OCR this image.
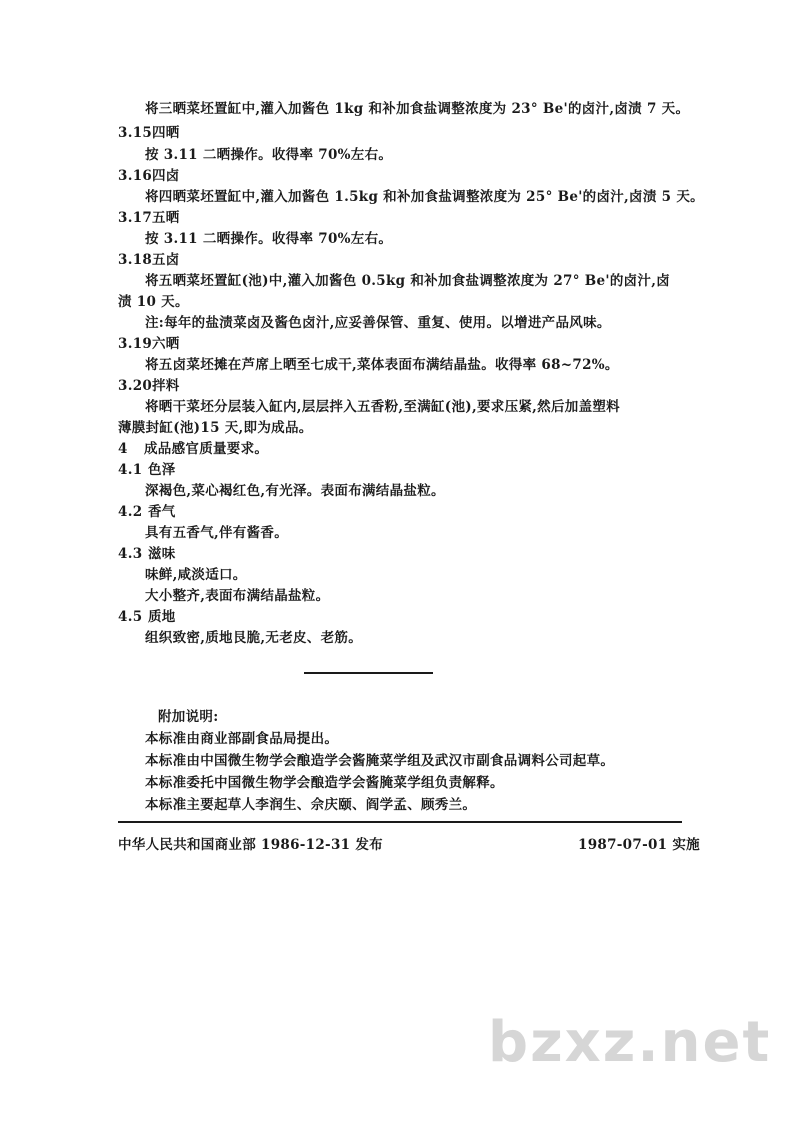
将三晒菜坯置缸中,灌入加酱色 1kg 和补加食盐调整浓度为 23° Be'的卤汁,卤渍 7 天。
3.15四晒
按 3.11 二晒操作。收得率 70%左右。
3.16四卤
将四晒菜坯置缸中,灌入加酱色 1.5kg 和补加食盐调整浓度为 25° Be'的卤汁,卤渍 5 天。
3.17五晒
按 3.11 二晒操作。收得率 70%左右。
3.18五卤
将五晒菜坯置缸(池)中,灌入加酱色 0.5kg 和补加食盐调整浓度为 27° Be'的卤汁,卤
渍 10 天。
注:每年的盐渍菜卤及酱色卤汁,应妥善保管、重复、使用。以增进产品风味。
3.19六晒
将五卤菜坯摊在芦席上晒至七成干,菜体表面布满结晶盐。收得率 68~72%。
3.20拌料
将晒干菜坯分层装入缸内,层层拌入五香粉,至满缸(池),要求压紧,然后加盖塑料
薄膜封缸(池)15 天,即为成品。
4 成品感官质量要求。
4.1 色泽
深褐色,菜心褐红色,有光泽。表面布满结晶盐粒。
4.2 香气
具有五香气,伴有酱香。
4.3 滋味
味鲜,咸淡适口。
大小整齐,表面布满结晶盐粒。
4.5 质地
组织致密,质地艮脆,无老皮、老筋。
附加说明:
本标准由商业部副食品局提出。
本标准由中国微生物学会酿造学会酱腌菜学组及武汉市副食品调料公司起草。
本标准委托中国微生物学会酿造学会酱腌菜学组负责解释。
本标准主要起草人李润生、佘庆颐、阎学孟、顾秀兰。
中华人民共和国商业部 1986-12-31 发布	1987-07-01 实施
bzxz.net
